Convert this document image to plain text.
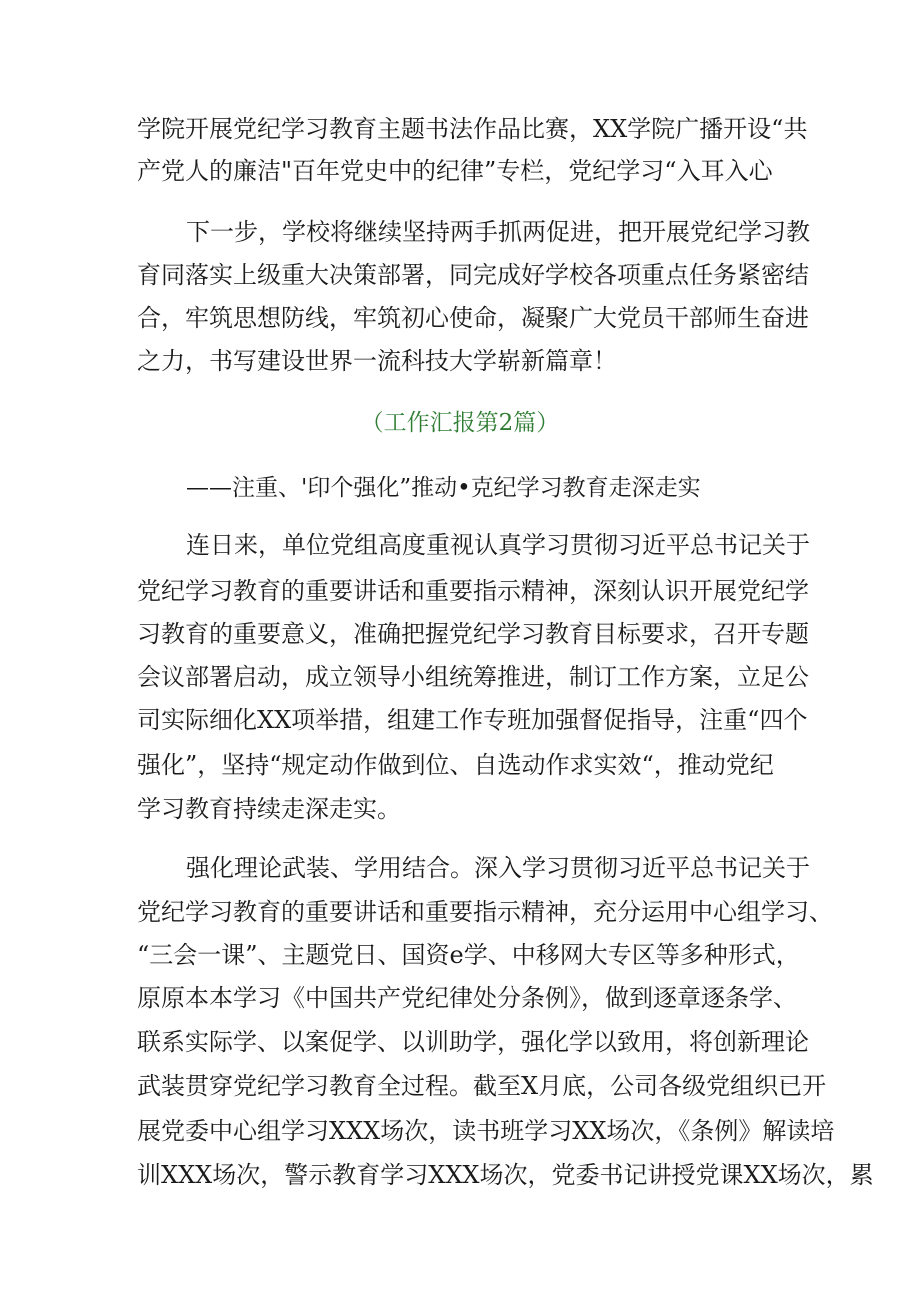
学院开展党纪学习教育主题书法作品比赛，XX学院广播开设“共
产党人的廉洁"百年党史中的纪律”专栏，党纪学习“入耳入心
下一步，学校将继续坚持两手抓两促进，把开展党纪学习教
育同落实上级重大决策部署，同完成好学校各项重点任务紧密结
合，牢筑思想防线，牢筑初心使命，凝聚广大党员干部师生奋进
之力，书写建设世界一流科技大学崭新篇章！
（工作汇报第2篇）
——注重、'印个强化”推动•克纪学习教育走深走实
连日来，单位党组高度重视认真学习贯彻习近平总书记关于
党纪学习教育的重要讲话和重要指示精神，深刻认识开展党纪学
习教育的重要意义，准确把握党纪学习教育目标要求，召开专题
会议部署启动，成立领导小组统筹推进，制订工作方案，立足公
司实际细化XX项举措，组建工作专班加强督促指导，注重“四个
强化”，坚持“规定动作做到位、自选动作求实效“，推动党纪
学习教育持续走深走实。
强化理论武装、学用结合。深入学习贯彻习近平总书记关于
党纪学习教育的重要讲话和重要指示精神，充分运用中心组学习、
“三会一课”、主题党日、国资e学、中移网大专区等多种形式，
原原本本学习《中国共产党纪律处分条例》，做到逐章逐条学、
联系实际学、以案促学、以训助学，强化学以致用，将创新理论
武装贯穿党纪学习教育全过程。截至X月底，公司各级党组织已开
展党委中心组学习XXX场次，读书班学习XX场次，《条例》解读培
训XXX场次，警示教育学习XXX场次，党委书记讲授党课XX场次，累
